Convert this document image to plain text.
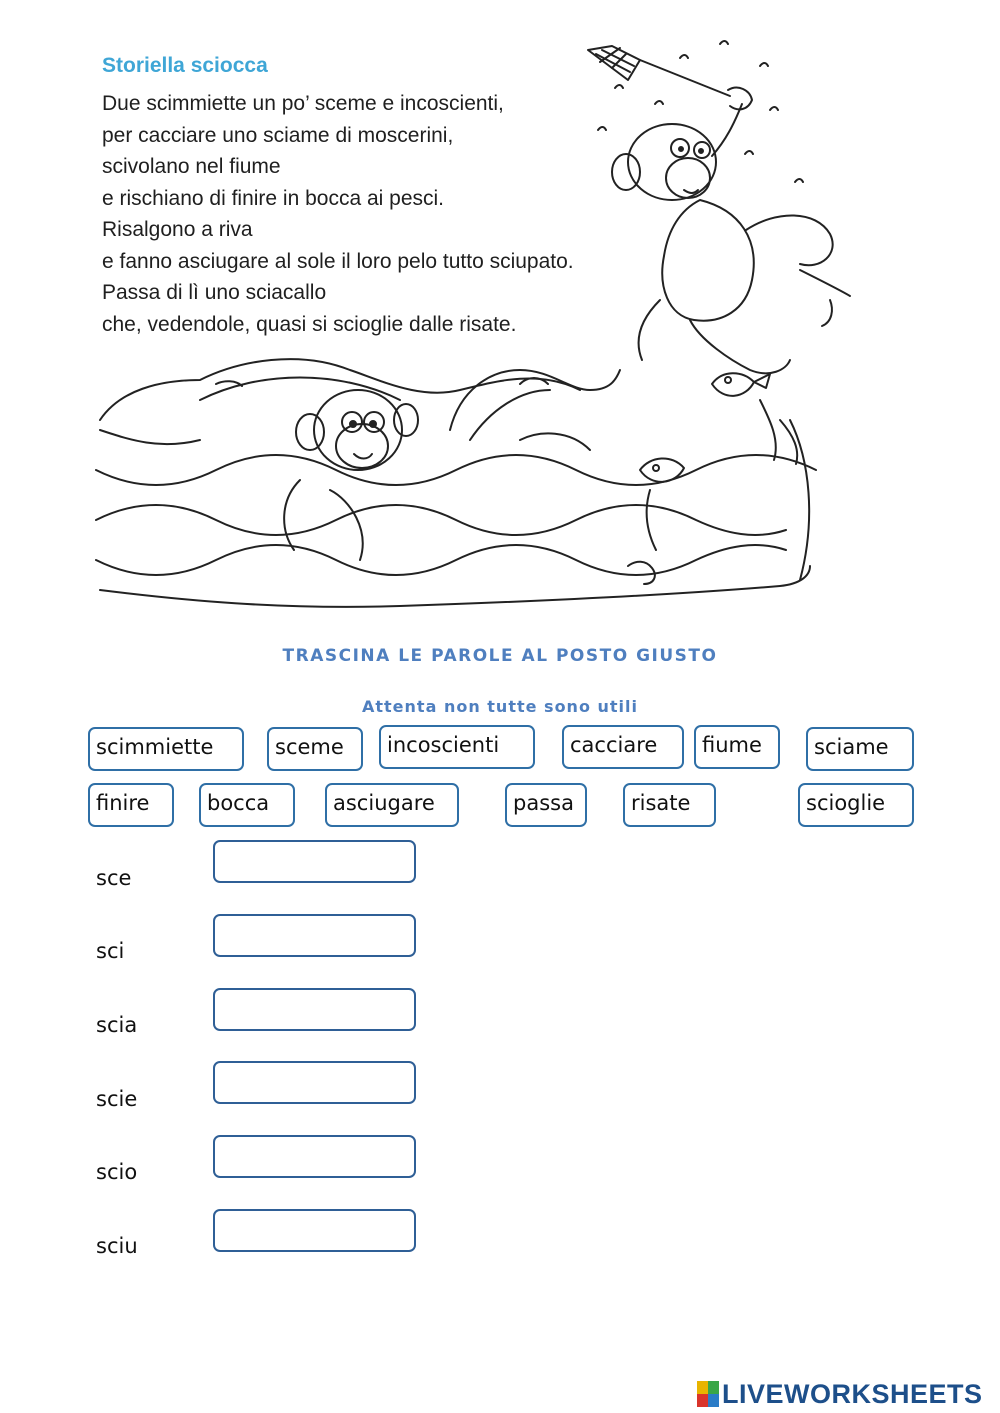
Storiella sciocca
Due scimmiette un po’ sceme e incoscienti,
per cacciare uno sciame di moscerini,
scivolano nel fiume
e rischiano di finire in bocca ai pesci.
Risalgono a riva
e fanno asciugare al sole il loro pelo tutto sciupato.
Passa di lì uno sciacallo
che, vedendole, quasi si scioglie dalle risate.
TRASCINA LE PAROLE AL POSTO GIUSTO
Attenta non tutte sono utili
scimmiette	sceme	incoscienti	cacciare	fiume	sciame
finire	bocca	asciugare	passa	risate	scioglie
sce
sci
scia
scie
scio
sciu
LIVEWORKSHEETS
